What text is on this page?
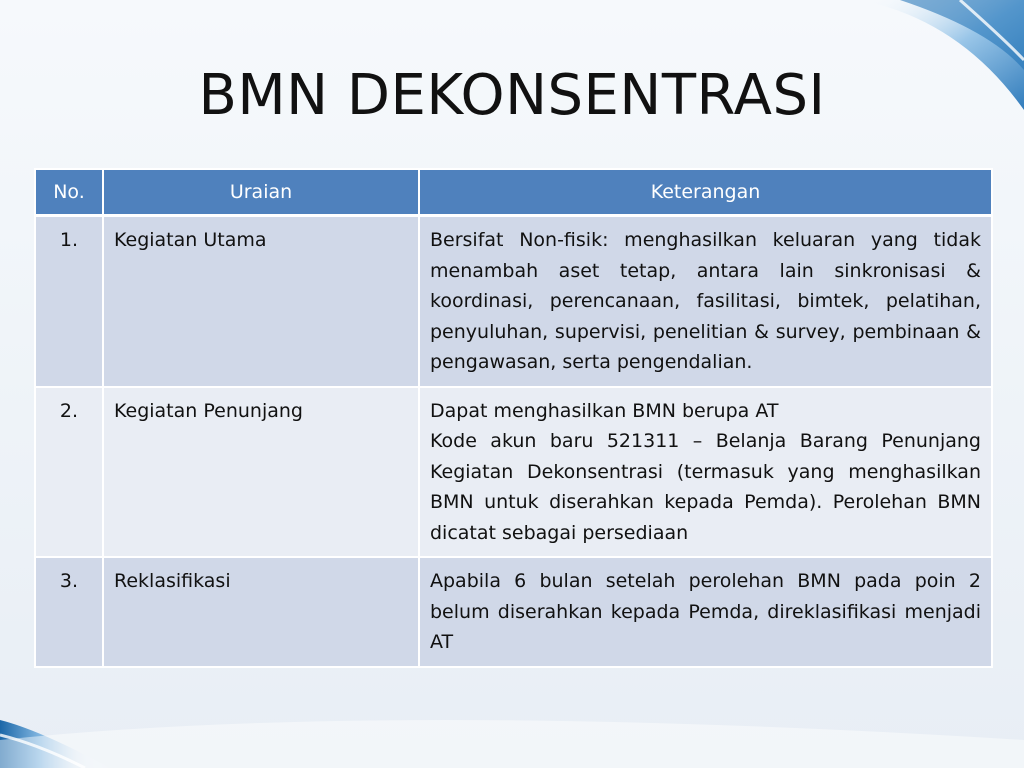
BMN DEKONSENTRASI
No.	Uraian	Keterangan
1.	Kegiatan Utama	Bersifat Non-fisik: menghasilkan keluaran yang tidak menambah aset tetap, antara lain sinkronisasi & koordinasi, perencanaan, fasilitasi, bimtek, pelatihan, penyuluhan, supervisi, penelitian & survey, pembinaan & pengawasan, serta pengendalian.

2.	Kegiatan Penunjang	Dapat menghasilkan BMN berupa AT
Kode akun baru 521311 – Belanja Barang Penunjang Kegiatan Dekonsentrasi (termasuk yang menghasilkan BMN untuk diserahkan kepada Pemda). Perolehan BMN dicatat sebagai persediaan

3.	Reklasifikasi	Apabila 6 bulan setelah perolehan BMN pada poin 2 belum diserahkan kepada Pemda, direklasifikasi menjadi AT
